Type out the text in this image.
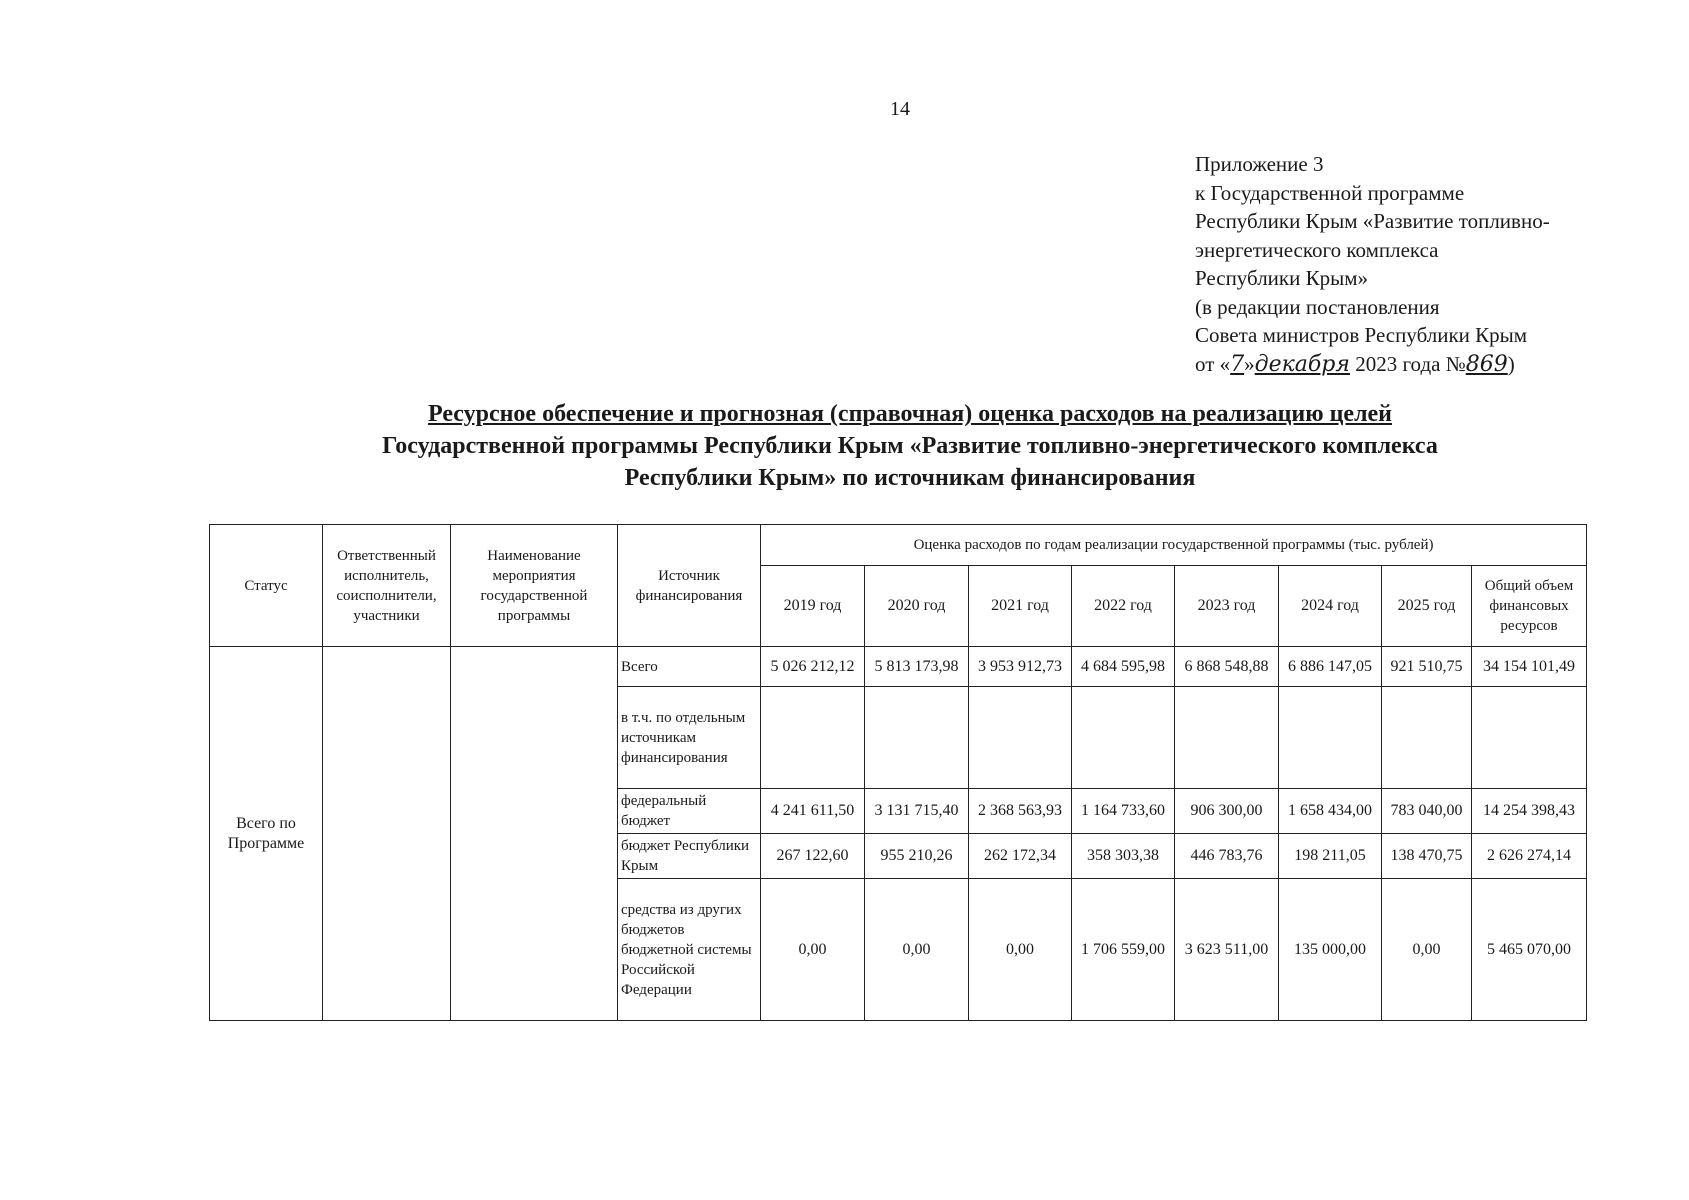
14
Приложение 3
к Государственной программе
Республики Крым «Развитие топливно-
энергетического комплекса
Республики Крым»
(в редакции постановления
Совета министров Республики Крым
от «7»декабря 2023 года №869)
Ресурсное обеспечение и прогнозная (справочная) оценка расходов на реализацию целей
Государственной программы Республики Крым «Развитие топливно-энергетического комплекса
Республики Крым» по источникам финансирования
Статус	Ответственный исполнитель, соисполнители, участники	Наименование мероприятия государственной программы	Источник финансирования	Оценка расходов по годам реализации государственной программы (тыс. рублей)							
				2019 год	2020 год	2021 год	2022 год	2023 год	2024 год	2025 год	Общий объем финансовых ресурсов
Всего по Программе			Всего	5 026 212,12	5 813 173,98	3 953 912,73	4 684 595,98	6 868 548,88	6 886 147,05	921 510,75	34 154 101,49
			в т.ч. по отдельным источникам финансирования								
			федеральный бюджет	4 241 611,50	3 131 715,40	2 368 563,93	1 164 733,60	906 300,00	1 658 434,00	783 040,00	14 254 398,43
			бюджет Республики Крым	267 122,60	955 210,26	262 172,34	358 303,38	446 783,76	198 211,05	138 470,75	2 626 274,14
			средства из других бюджетов бюджетной системы Российской Федерации	0,00	0,00	0,00	1 706 559,00	3 623 511,00	135 000,00	0,00	5 465 070,00
